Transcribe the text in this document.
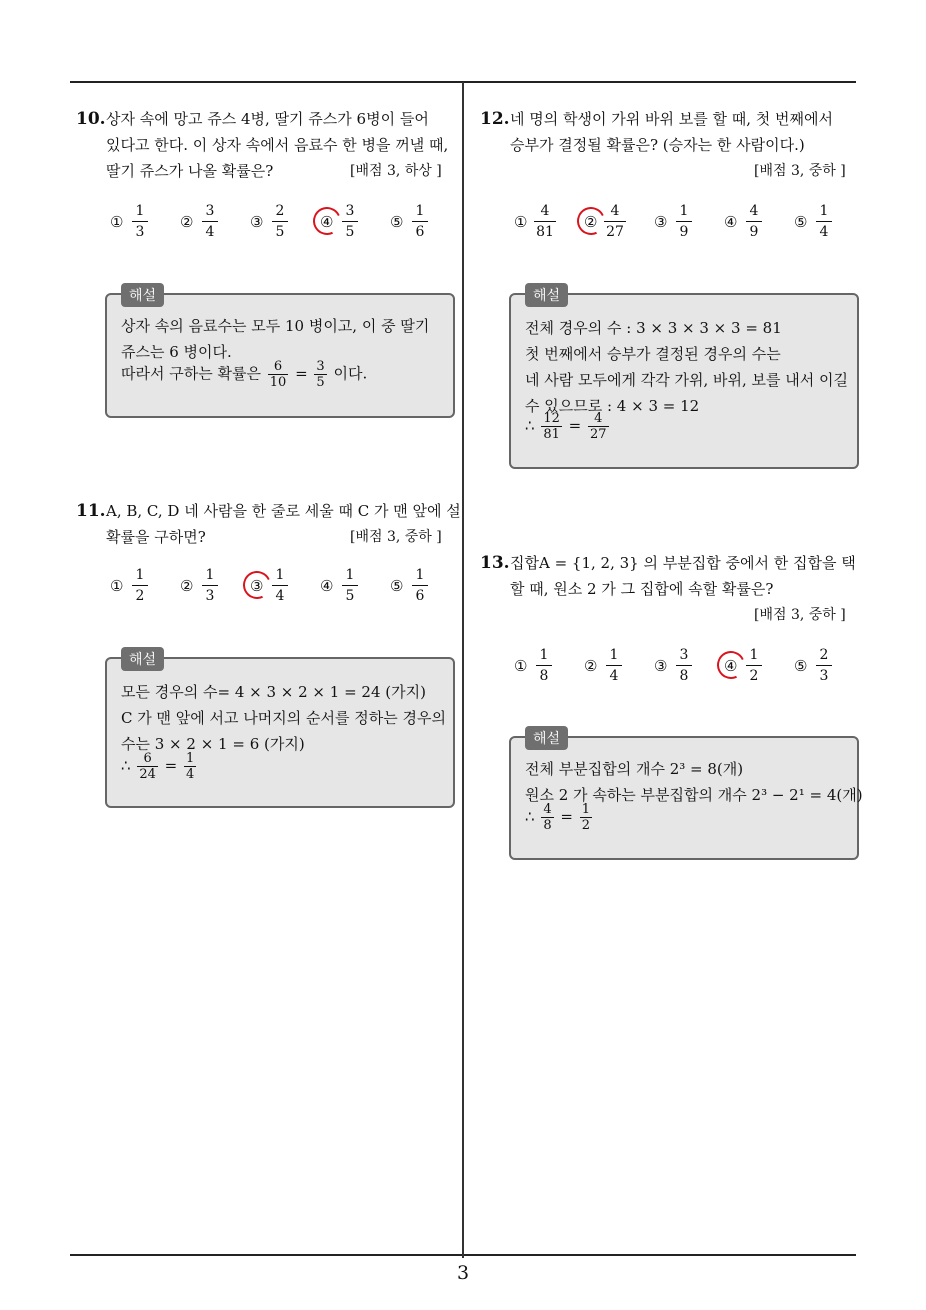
10. 상자 속에 망고 쥬스 4병, 딸기 쥬스가 6병이 들어
있다고 한다. 이 상자 속에서 음료수 한 병을 꺼낼 때,
딸기 쥬스가 나올 확률은?	[배점 3, 하상 ]
①
1
3
②
3
4
③
2
5
④
3
5
⑤
1
6
해설
상자 속의 음료수는 모두 10 병이고, 이 중 딸기
쥬스는 6 병이다.
따라서 구하는 확률은 $\frac{6}{10} = \frac{3}{5}$ 이다.
11. A, B, C, D 네 사람을 한 줄로 세울 때 C 가 맨 앞에 설
확률을 구하면?	[배점 3, 중하 ]
①
1
2
②
1
3
③
1
4
④
1
5
⑤
1
6
해설
모든 경우의 수= 4 × 3 × 2 × 1 = 24 (가지)
C 가 맨 앞에 서고 나머지의 순서를 정하는 경우의
수는 3 × 2 × 1 = 6 (가지)
∴ $\frac{6}{24} = \frac{1}{4}$
12. 네 명의 학생이 가위 바위 보를 할 때, 첫 번째에서
승부가 결정될 확률은? (승자는 한 사람이다.)
[배점 3, 중하 ]
①
4
81
②
4
27
③
1
9
④
4
9
⑤
1
4
해설
전체 경우의 수 : 3 × 3 × 3 × 3 = 81
첫 번째에서 승부가 결정된 경우의 수는
네 사람 모두에게 각각 가위, 바위, 보를 내서 이길
수 있으므로 : 4 × 3 = 12
∴ $\frac{12}{81} = \frac{4}{27}$
13. 집합A = {1, 2, 3} 의 부분집합 중에서 한 집합을 택
할 때, 원소 2 가 그 집합에 속할 확률은?
[배점 3, 중하 ]
①
1
8
②
1
4
③
3
8
④
1
2
⑤
2
3
해설
전체 부분집합의 개수 2³ = 8(개)
원소 2 가 속하는 부분집합의 개수 2³ − 2¹ = 4(개)
∴ $\frac{4}{8} = \frac{1}{2}$
3
